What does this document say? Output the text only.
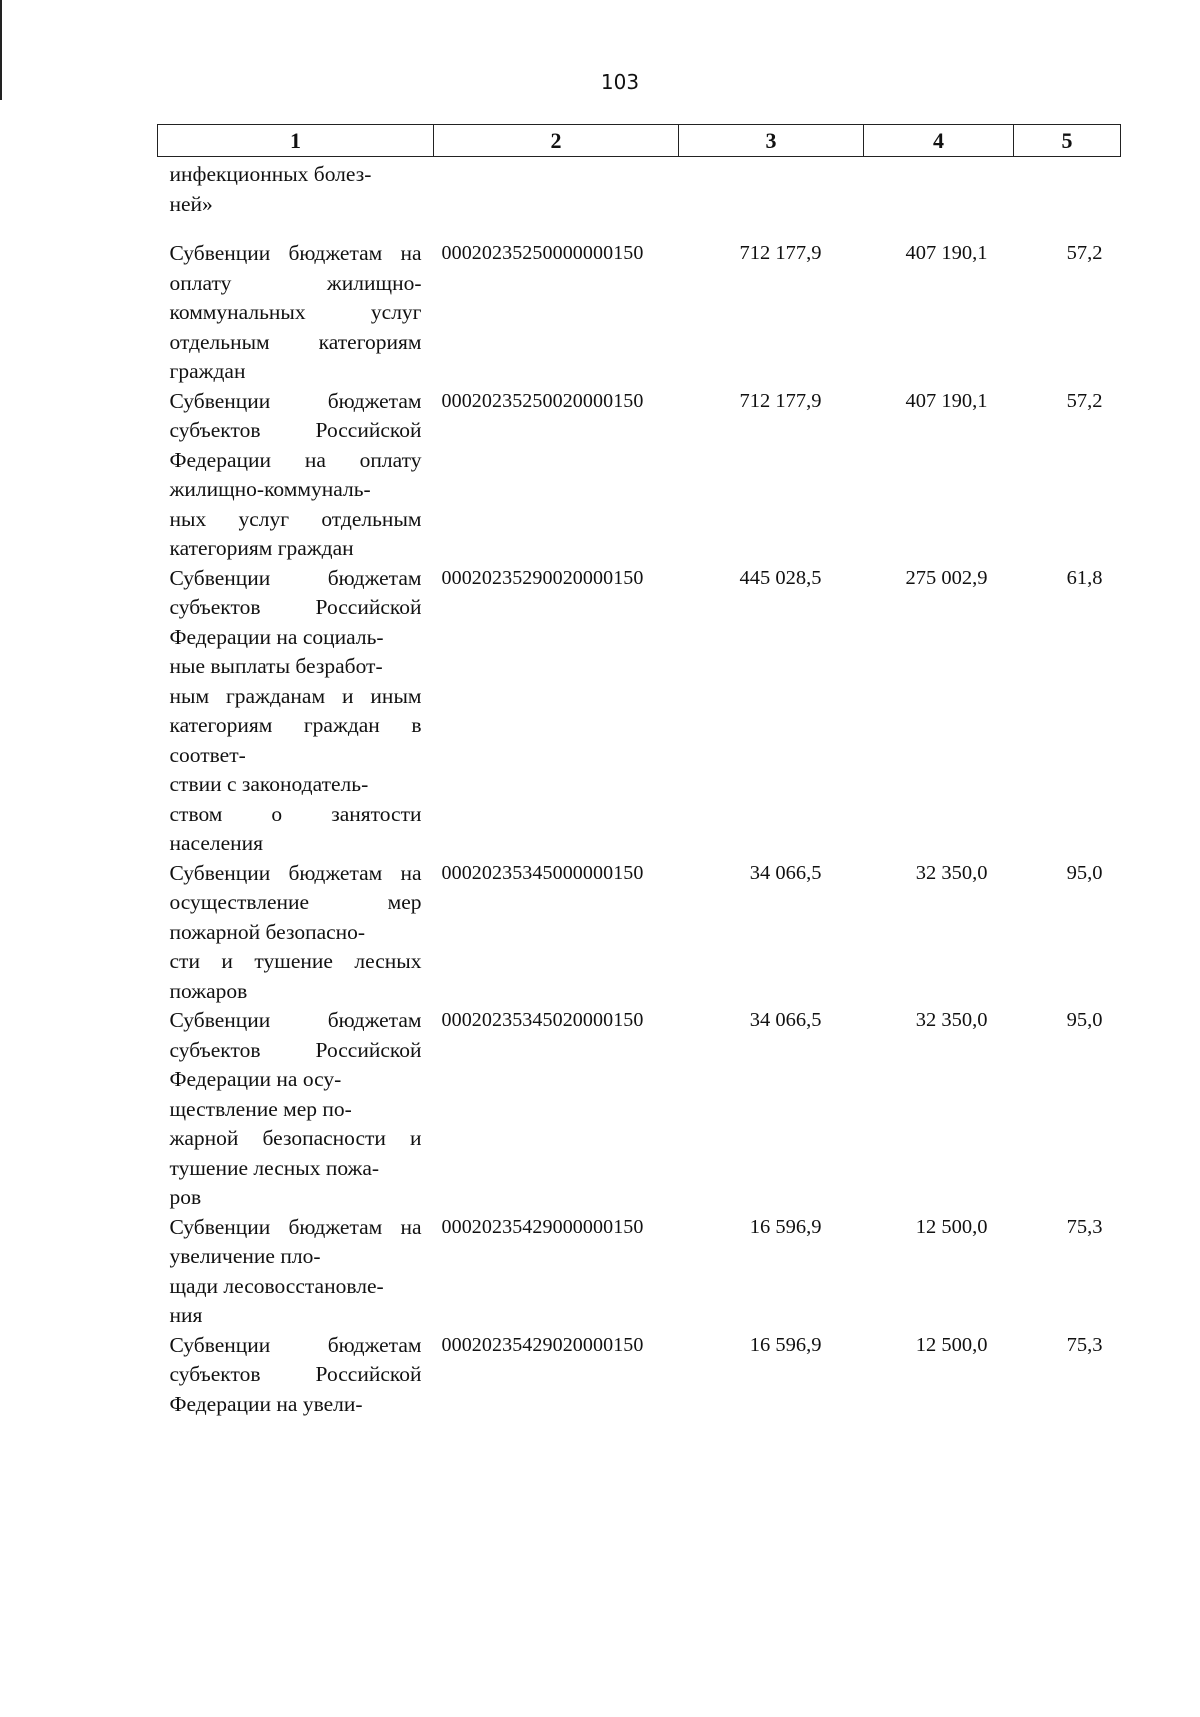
103
1	2	3	4	5
инфекционных болез-
ней»				
Субвенции бюджетам на оплату жилищно-коммунальных услуг отдельным категориям граждан	00020235250000000150	712 177,9	407 190,1	57,2
Субвенции бюджетам субъектов Российской Федерации на оплату жилищно-коммуналь-
ных услуг отдельным категориям граждан	00020235250020000150	712 177,9	407 190,1	57,2
Субвенции бюджетам субъектов Российской Федерации на социаль-
ные выплаты безработ-
ным гражданам и иным категориям граждан в соответ-
ствии с законодатель-
ством о занятости населения	00020235290020000150	445 028,5	275 002,9	61,8
Субвенции бюджетам на осуществление мер пожарной безопасно-
сти и тушение лесных пожаров	00020235345000000150	34 066,5	32 350,0	95,0
Субвенции бюджетам субъектов Российской Федерации на осу-
ществление мер по-
жарной безопасности и тушение лесных пожа-
ров	00020235345020000150	34 066,5	32 350,0	95,0
Субвенции бюджетам на увеличение пло-
щади лесовосстановле-
ния	00020235429000000150	16 596,9	12 500,0	75,3
Субвенции бюджетам субъектов Российской Федерации на увели-	00020235429020000150	16 596,9	12 500,0	75,3
